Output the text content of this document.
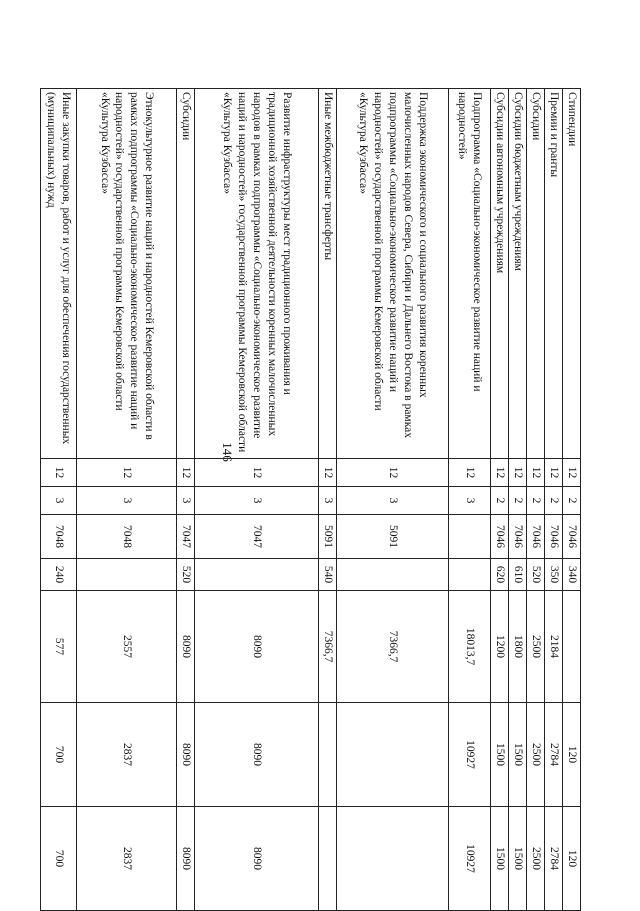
146
Стипендии	12	2	7046	340		120	120
Премии и гранты	12	2	7046	350	2184	2784	2784
Субсидии	12	2	7046	520	2500	2500	2500
Субсидии бюджетным учреждениям	12	2	7046	610	1800	1500	1500
Субсидии автономным учреждениям	12	2	7046	620	1200	1500	1500
Подпрограмма «Социально-экономическое развитие наций и народностей»	12	3			18013,7	10927	10927
Поддержка экономического и социального развития коренных малочисленных народов Севера, Сибири и Дальнего Востока в рамках подпрограммы «Социально-экономическое развитие наций и народностей» государственной программы Кемеровской области «Культура Кузбасса»	12	3	5091		7366,7		
Иные межбюджетные трансферты	12	3	5091	540	7366,7		
Развитие инфраструктуры мест традиционного проживания и традиционной хозяйственной деятельности коренных малочисленных народов в рамках подпрограммы «Социально-экономическое развитие наций и народностей» государственной программы Кемеровской области «Культура Кузбасса»	12	3	7047		8090	8090	8090
Субсидии	12	3	7047	520	8090	8090	8090
Этнокультурное развитие наций и народностей Кемеровской области в рамках подпрограммы «Социально-экономическое развитие наций и народностей» государственной программы Кемеровской области «Культура Кузбасса»	12	3	7048		2557	2837	2837
Иные закупки товаров, работ и услуг для обеспечения государственных (муниципальных) нужд	12	3	7048	240	577	700	700
